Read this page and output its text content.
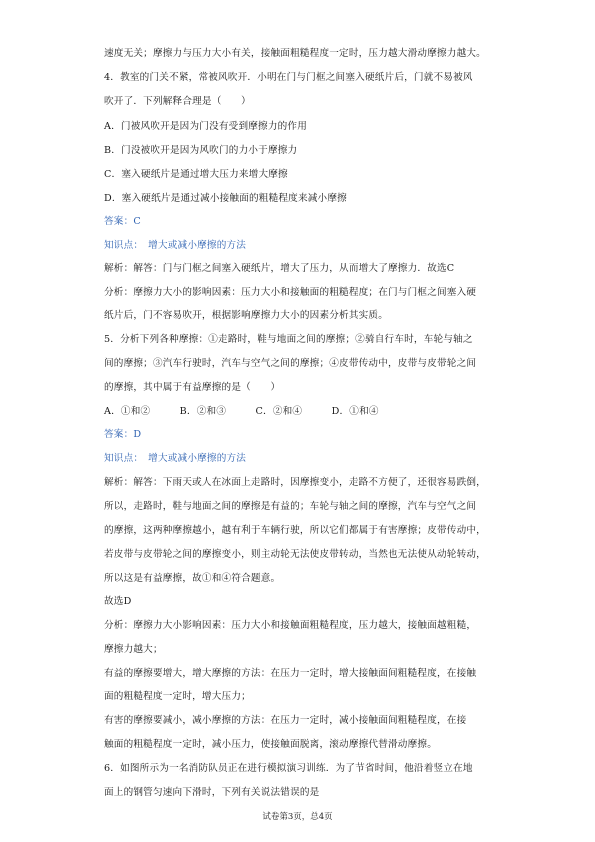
速度无关；摩擦力与压力大小有关，接触面粗糙程度一定时，压力越大滑动摩擦力越大。
4．教室的门关不紧，常被风吹开．小明在门与门框之间塞入硬纸片后，门就不易被风
吹开了．下列解释合理是（　　）
A．门被风吹开是因为门没有受到摩擦力的作用
B．门没被吹开是因为风吹门的力小于摩擦力
C．塞入硬纸片是通过增大压力来增大摩擦
D．塞入硬纸片是通过减小接触面的粗糙程度来减小摩擦
答案：C
知识点：　增大或减小摩擦的方法
解析：解答：门与门框之间塞入硬纸片，增大了压力，从而增大了摩擦力．故选C
分析：摩擦力大小的影响因素：压力大小和接触面的粗糙程度；在门与门框之间塞入硬
纸片后，门不容易吹开，根据影响摩擦力大小的因素分析其实质。
5．分析下列各种摩擦：①走路时，鞋与地面之间的摩擦；②骑自行车时，车轮与轴之
间的摩擦；③汽车行驶时，汽车与空气之间的摩擦；④皮带传动中，皮带与皮带轮之间
的摩擦，其中属于有益摩擦的是（　　）
A．①和②　　　B．②和③　　　C．②和④　　　D．①和④
答案：D
知识点：　增大或减小摩擦的方法
解析：解答：下雨天或人在冰面上走路时，因摩擦变小，走路不方便了，还很容易跌倒，
所以，走路时，鞋与地面之间的摩擦是有益的；车轮与轴之间的摩擦，汽车与空气之间
的摩擦，这两种摩擦越小，越有利于车辆行驶，所以它们都属于有害摩擦；皮带传动中，
若皮带与皮带轮之间的摩擦变小，则主动轮无法使皮带转动，当然也无法使从动轮转动，
所以这是有益摩擦，故①和④符合题意。
故选D
分析：摩擦力大小影响因素：压力大小和接触面粗糙程度，压力越大，接触面越粗糙，
摩擦力越大；
有益的摩擦要增大，增大摩擦的方法：在压力一定时，增大接触面间粗糙程度，在接触
面的粗糙程度一定时，增大压力；
有害的摩擦要减小，减小摩擦的方法：在压力一定时，减小接触面间粗糙程度，在接
触面的粗糙程度一定时，减小压力，使接触面脱离，滚动摩擦代替滑动摩擦。
6．如图所示为一名消防队员正在进行模拟演习训练．为了节省时间，他沿着竖立在地
面上的钢管匀速向下滑时，下列有关说法错误的是
试卷第3页，总4页
